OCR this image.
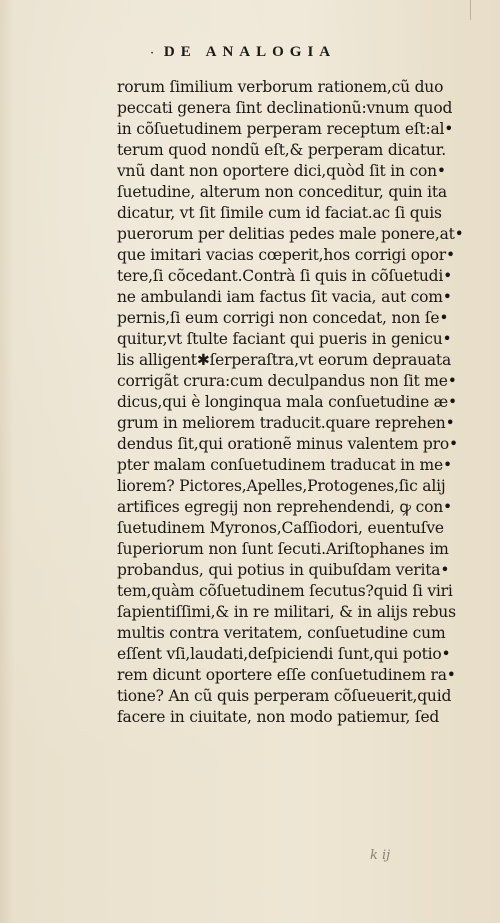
· DE ANALOGIA
rorum ſimilium verborum rationem,cũ duo
peccati genera ſint declinationũ:vnum quod
in cõſuetudinem perperam receptum eſt:al•
terum quod nondũ eſt,& perperam dicatur.
vnũ dant non oportere dici,quòd ſit in con•
ſuetudine, alterum non conceditur, quin ita
dicatur, vt ſit ſimile cum id faciat.ac ſi quis
puerorum per delitias pedes male ponere,at•
que imitari vacias cœperit,hos corrigi opor•
tere,ſi cõcedant.Contrà ſi quis in cõſuetudi•
ne ambulandi iam factus ſit vacia, aut com•
pernis,ſi eum corrigi non concedat, non ſe•
quitur,vt ſtulte faciant qui pueris in genicu•
lis alligent✱ſerperaſtra,vt eorum deprauata
corrigãt crura:cum deculpandus non ſit me•
dicus,qui è longinqua mala conſuetudine æ•
grum in meliorem traducit.quare reprehen•
dendus ſit,qui orationẽ minus valentem pro•
pter malam conſuetudinem traducat in me•
liorem? Pictores,Apelles,Protogenes,ſic alij
artifices egregij non reprehendendi, ꝙ con•
ſuetudinem Myronos,Caſſiodori, euentuſve
ſuperiorum non ſunt ſecuti.Ariſtophanes im
probandus, qui potius in quibuſdam verita•
tem,quàm cõſuetudinem ſecutus?quid ſi viri
ſapientiſſimi,& in re militari, & in alijs rebus
multis contra veritatem, conſuetudine cum
eſſent vſi,laudati,deſpiciendi ſunt,qui potio•
rem dicunt oportere eſſe conſuetudinem ra•
tione? An cũ quis perperam cõſueuerit,quid
facere in ciuitate, non modo patiemur, ſed
k ij
